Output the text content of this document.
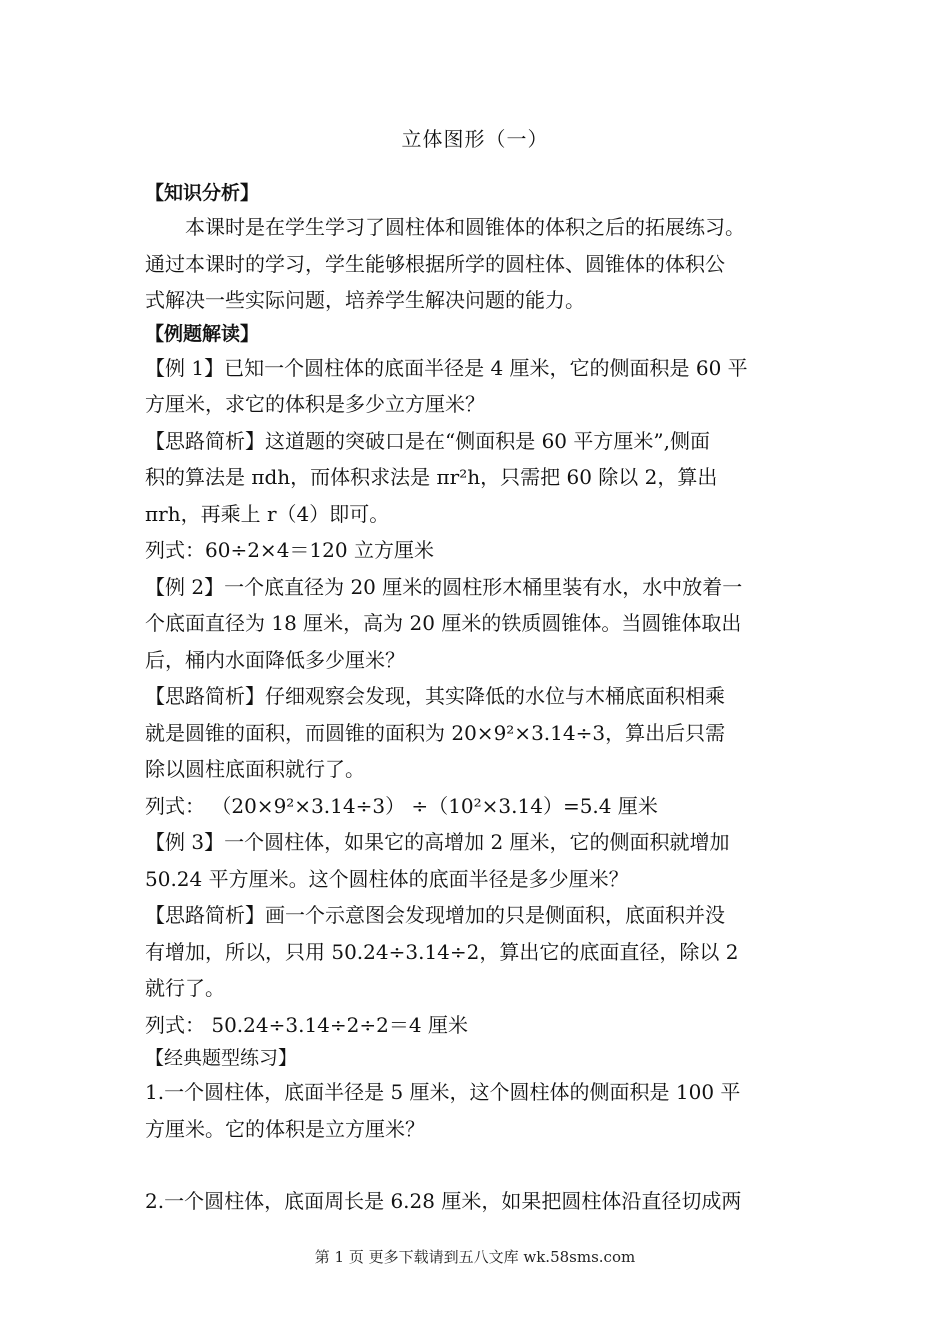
立体图形（一）
【知识分析】
本课时是在学生学习了圆柱体和圆锥体的体积之后的拓展练习。
通过本课时的学习，学生能够根据所学的圆柱体、圆锥体的体积公
式解决一些实际问题，培养学生解决问题的能力。
【例题解读】
【例 1】已知一个圆柱体的底面半径是 4 厘米，它的侧面积是 60 平
方厘米，求它的体积是多少立方厘米？
【思路简析】这道题的突破口是在“侧面积是 60 平方厘米”,侧面
积的算法是 πdh，而体积求法是 πr²h，只需把 60 除以 2，算出
πrh，再乘上 r（4）即可。
列式：60÷2×4＝120 立方厘米
【例 2】一个底直径为 20 厘米的圆柱形木桶里装有水，水中放着一
个底面直径为 18 厘米，高为 20 厘米的铁质圆锥体。当圆锥体取出
后，桶内水面降低多少厘米？
【思路简析】仔细观察会发现，其实降低的水位与木桶底面积相乘
就是圆锥的面积，而圆锥的面积为 20×9²×3.14÷3，算出后只需
除以圆柱底面积就行了。
列式： （20×9²×3.14÷3） ÷（10²×3.14）=5.4 厘米
【例 3】一个圆柱体，如果它的高增加 2 厘米，它的侧面积就增加
50.24 平方厘米。这个圆柱体的底面半径是多少厘米？
【思路简析】画一个示意图会发现增加的只是侧面积，底面积并没
有增加，所以，只用 50.24÷3.14÷2，算出它的底面直径，除以 2
就行了。
列式： 50.24÷3.14÷2÷2＝4 厘米
【经典题型练习】
1.一个圆柱体，底面半径是 5 厘米，这个圆柱体的侧面积是 100 平
方厘米。它的体积是立方厘米？
2.一个圆柱体，底面周长是 6.28 厘米，如果把圆柱体沿直径切成两
第 1 页 更多下载请到五八文库 wk.58sms.com
